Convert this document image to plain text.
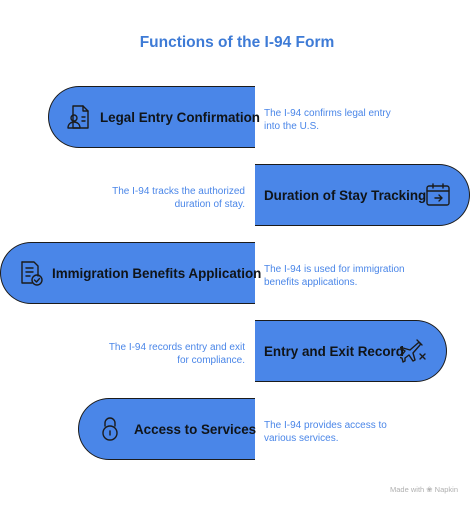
Functions of the I-94 Form
Legal Entry Confirmation The I-94 confirms legal entry
into the U.S.
Duration of Stay Tracking
The I-94 tracks the authorized
duration of stay.
Immigration Benefits Application The I-94 is used for immigration
benefits applications.
Entry and Exit Record
The I-94 records entry and exit
for compliance.
Access to Services The I-94 provides access to
various services.
Made with ❀ Napkin
